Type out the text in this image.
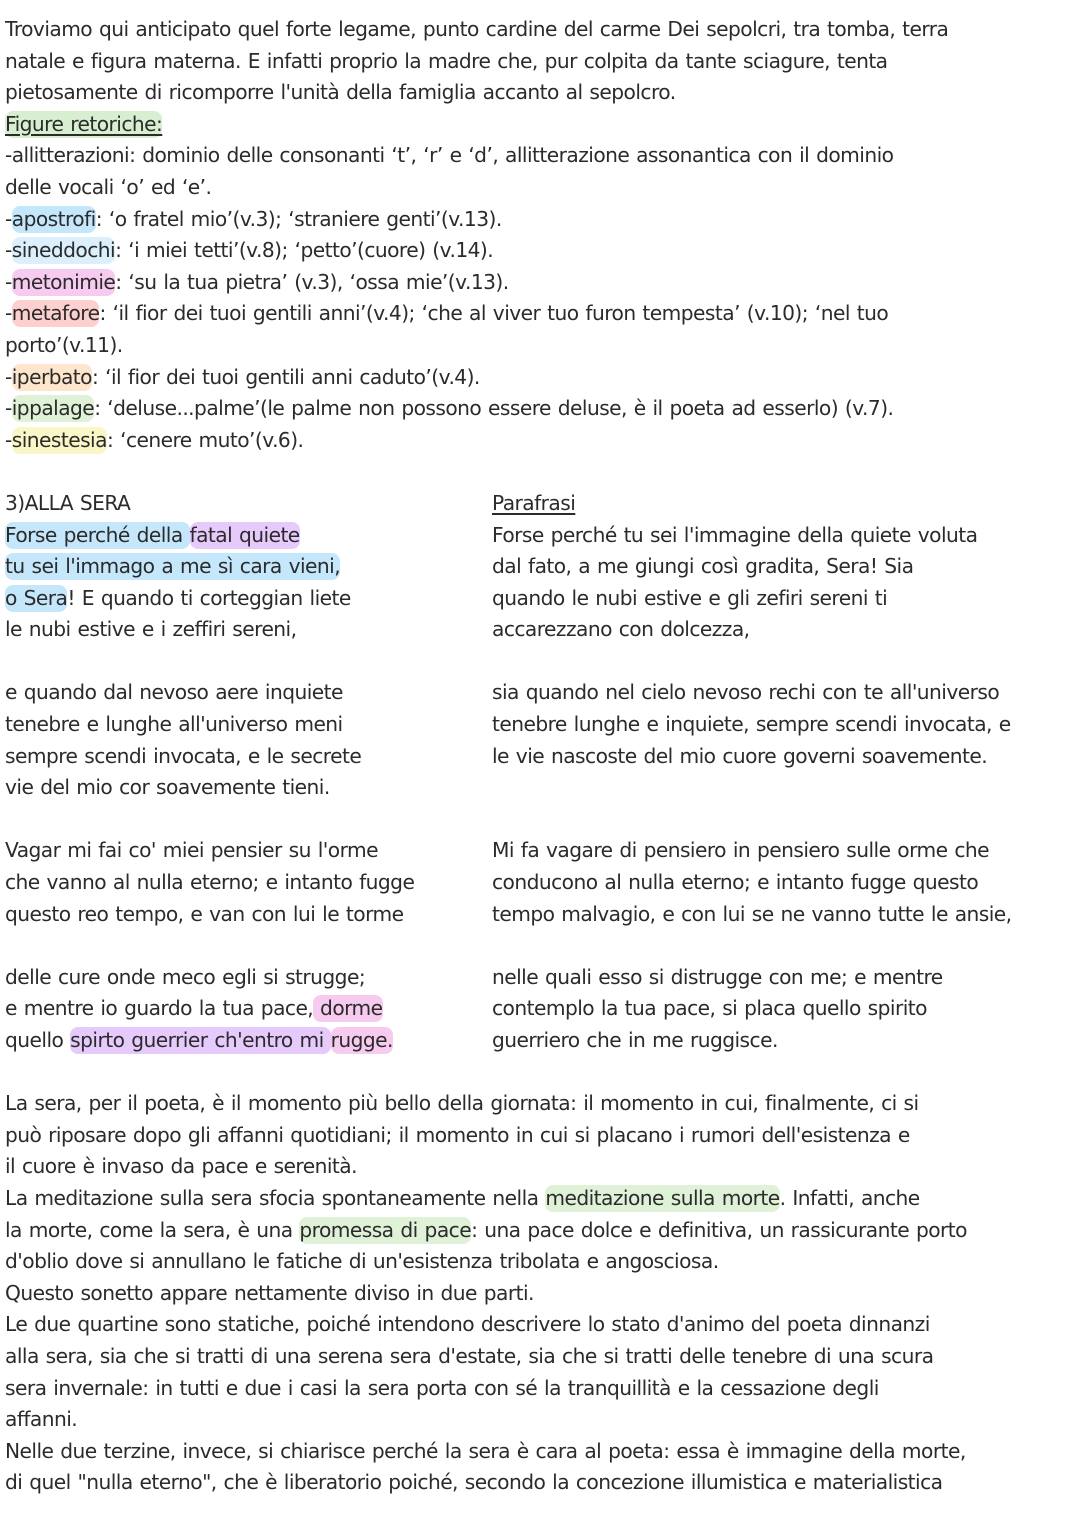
Troviamo qui anticipato quel forte legame, punto cardine del carme Dei sepolcri, tra tomba, terra
natale e figura materna. E infatti proprio la madre che, pur colpita da tante sciagure, tenta
pietosamente di ricomporre l'unità della famiglia accanto al sepolcro.
Figure retoriche:
-allitterazioni: dominio delle consonanti ‘t’, ‘r’ e ‘d’, allitterazione assonantica con il dominio
delle vocali ‘o’ ed ‘e’.
-apostrofi: ‘o fratel mio’(v.3); ‘straniere genti’(v.13).
-sineddochi: ‘i miei tetti’(v.8); ‘petto’(cuore) (v.14).
-metonimie: ‘su la tua pietra’ (v.3), ‘ossa mie’(v.13).
-metafore: ‘il fior dei tuoi gentili anni’(v.4); ‘che al viver tuo furon tempesta’ (v.10); ‘nel tuo
porto’(v.11).
-iperbato: ‘il fior dei tuoi gentili anni caduto’(v.4).
-ippalage: ‘deluse...palme’(le palme non possono essere deluse, è il poeta ad esserlo) (v.7).
-sinestesia: ‘cenere muto’(v.6).
3)ALLA SERA
Forse perché della fatal quiete
tu sei l'immago a me sì cara vieni,
o Sera! E quando ti corteggian liete
le nubi estive e i zeffiri sereni,
e quando dal nevoso aere inquiete
tenebre e lunghe all'universo meni
sempre scendi invocata, e le secrete
vie del mio cor soavemente tieni.
Vagar mi fai co' miei pensier su l'orme
che vanno al nulla eterno; e intanto fugge
questo reo tempo, e van con lui le torme
delle cure onde meco egli si strugge;
e mentre io guardo la tua pace, dorme
quello spirto guerrier ch'entro mi rugge.
Parafrasi
Forse perché tu sei l'immagine della quiete voluta
dal fato, a me giungi così gradita, Sera! Sia
quando le nubi estive e gli zefiri sereni ti
accarezzano con dolcezza,
sia quando nel cielo nevoso rechi con te all'universo
tenebre lunghe e inquiete, sempre scendi invocata, e
le vie nascoste del mio cuore governi soavemente.
Mi fa vagare di pensiero in pensiero sulle orme che
conducono al nulla eterno; e intanto fugge questo
tempo malvagio, e con lui se ne vanno tutte le ansie,
nelle quali esso si distrugge con me; e mentre
contemplo la tua pace, si placa quello spirito
guerriero che in me ruggisce.
La sera, per il poeta, è il momento più bello della giornata: il momento in cui, finalmente, ci si
può riposare dopo gli affanni quotidiani; il momento in cui si placano i rumori dell'esistenza e
il cuore è invaso da pace e serenità.
La meditazione sulla sera sfocia spontaneamente nella meditazione sulla morte. Infatti, anche
la morte, come la sera, è una promessa di pace: una pace dolce e definitiva, un rassicurante porto
d'oblio dove si annullano le fatiche di un'esistenza tribolata e angosciosa.
Questo sonetto appare nettamente diviso in due parti.
Le due quartine sono statiche, poiché intendono descrivere lo stato d'animo del poeta dinnanzi
alla sera, sia che si tratti di una serena sera d'estate, sia che si tratti delle tenebre di una scura
sera invernale: in tutti e due i casi la sera porta con sé la tranquillità e la cessazione degli
affanni.
Nelle due terzine, invece, si chiarisce perché la sera è cara al poeta: essa è immagine della morte,
di quel "nulla eterno", che è liberatorio poiché, secondo la concezione illumistica e materialistica
